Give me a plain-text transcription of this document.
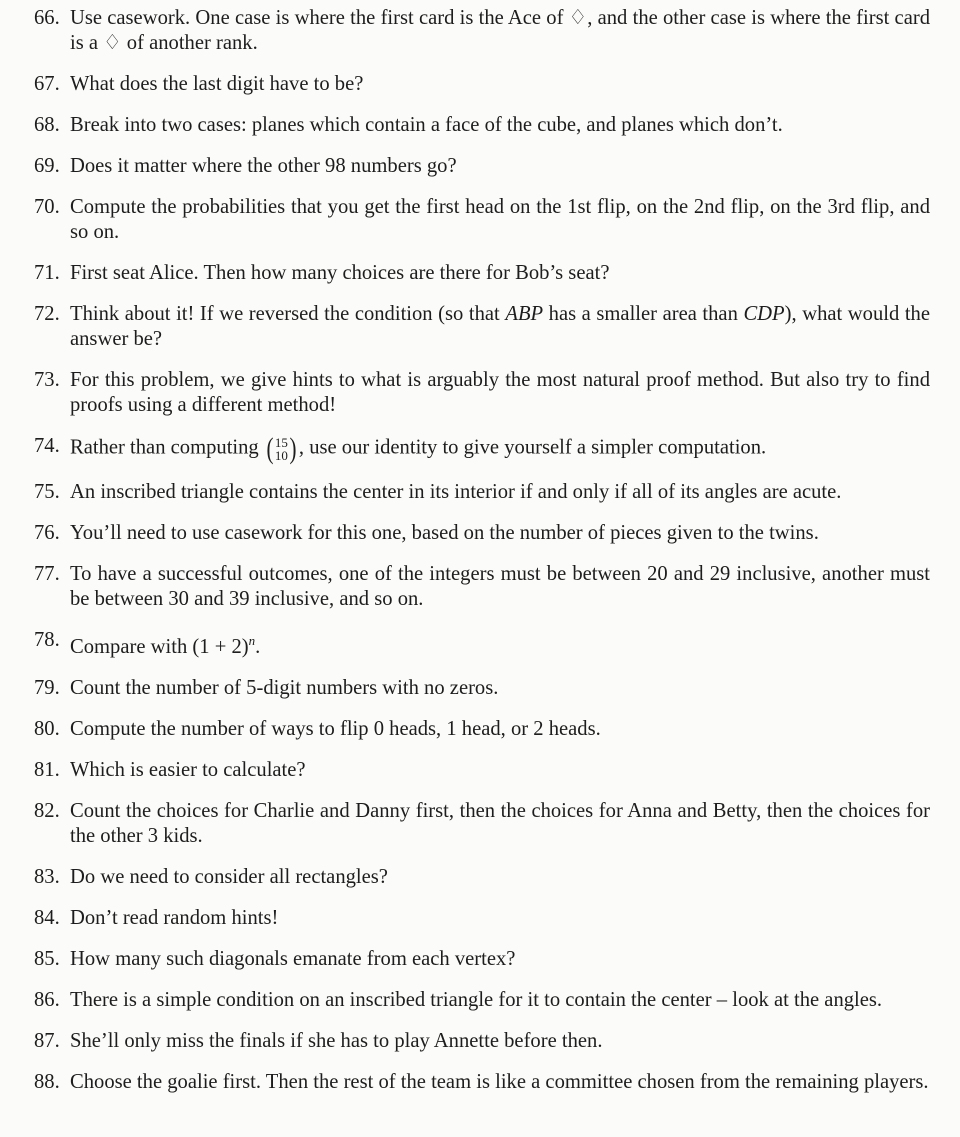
66. Use casework. One case is where the first card is the Ace of ♢, and the other case is where the first card is a ♢ of another rank.
67. What does the last digit have to be?
68. Break into two cases: planes which contain a face of the cube, and planes which don’t.
69. Does it matter where the other 98 numbers go?
70. Compute the probabilities that you get the first head on the 1st flip, on the 2nd flip, on the 3rd flip, and so on.
71. First seat Alice. Then how many choices are there for Bob’s seat?
72. Think about it! If we reversed the condition (so that ABP has a smaller area than CDP), what would the answer be?
73. For this problem, we give hints to what is arguably the most natural proof method. But also try to find proofs using a different method!
74. Rather than computing ( 15
10 ) , use our identity to give yourself a simpler computation.
75. An inscribed triangle contains the center in its interior if and only if all of its angles are acute.
76. You’ll need to use casework for this one, based on the number of pieces given to the twins.
77. To have a successful outcomes, one of the integers must be between 20 and 29 inclusive, another must be between 30 and 39 inclusive, and so on.
78. Compare with $(1 + 2)^n$.
79. Count the number of 5-digit numbers with no zeros.
80. Compute the number of ways to flip 0 heads, 1 head, or 2 heads.
81. Which is easier to calculate?
82. Count the choices for Charlie and Danny first, then the choices for Anna and Betty, then the choices for the other 3 kids.
83. Do we need to consider all rectangles?
84. Don’t read random hints!
85. How many such diagonals emanate from each vertex?
86. There is a simple condition on an inscribed triangle for it to contain the center – look at the angles.
87. She’ll only miss the finals if she has to play Annette before then.
88. Choose the goalie first. Then the rest of the team is like a committee chosen from the remaining players.
